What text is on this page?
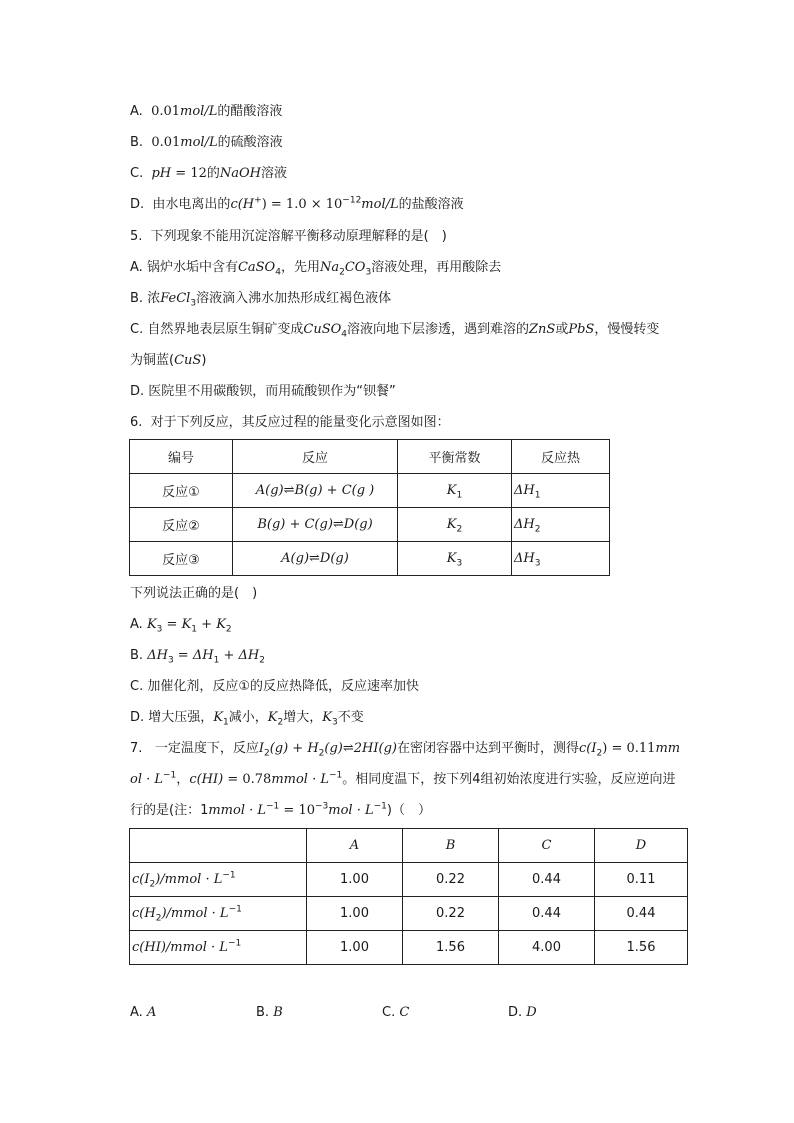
A. 0.01mol/L的醋酸溶液
B. 0.01mol/L的硫酸溶液
C. pH = 12的NaOH溶液
D. 由水电离出的$c(H^+) = 1.0 \times 10^{-12}mol/L$的盐酸溶液
5. 下列现象不能用沉淀溶解平衡移动原理解释的是(　)
A. 锅炉水垢中含有CaSO$_4$，先用$Na_2CO_3$溶液处理，再用酸除去
B. 浓FeCl$_3$溶液滴入沸水加热形成红褐色液体
C. 自然界地表层原生铜矿变成CuSO$_4$溶液向地下层渗透，遇到难溶的ZnS或PbS，慢慢转变
为铜蓝(CuS)
D. 医院里不用碳酸钡，而用硫酸钡作为“钡餐”
6. 对于下列反应，其反应过程的能量变化示意图如图：
编号	反应	平衡常数	反应热
反应①	A(g)⇌B(g) + C(g )	$K_1$	$\Delta H_1$
反应②	B(g) + C(g)⇌D(g)	$K_2$	$\Delta H_2$
反应③	A(g)⇌D(g)	$K_3$	$\Delta H_3$
下列说法正确的是(　)
A. $K_3 = K_1 + K_2$
B. $\Delta H_3 = \Delta H_1 + \Delta H_2$
C. 加催化剂，反应①的反应热降低，反应速率加快
D. 增大压强，$K_1$减小，$K_2$增大，$K_3$不变
7. 一定温度下，反应$I_2(g)$ + $H_2(g)\rightleftharpoons 2HI(g)$在密闭容器中达到平衡时，测得$c(I_2) = 0.11mm$
ol · $L^{-1}$，c(HI) = 0.78mmol · $L^{-1}$。相同度温下，按下列4组初始浓度进行实验，反应逆向进
行的是(注：1mmol · $L^{-1} = 10^{-3}mol \cdot L^{-1}$)（　）
	A	B	C	D
$c(I_2)$/mmol · $L^{-1}$	1.00	0.22	0.44	0.11
$c(H_2)$/mmol · $L^{-1}$	1.00	0.22	0.44	0.44
c(HI)/mmol · $L^{-1}$	1.00	1.56	4.00	1.56
A. A	B. B	C. C	D. D
